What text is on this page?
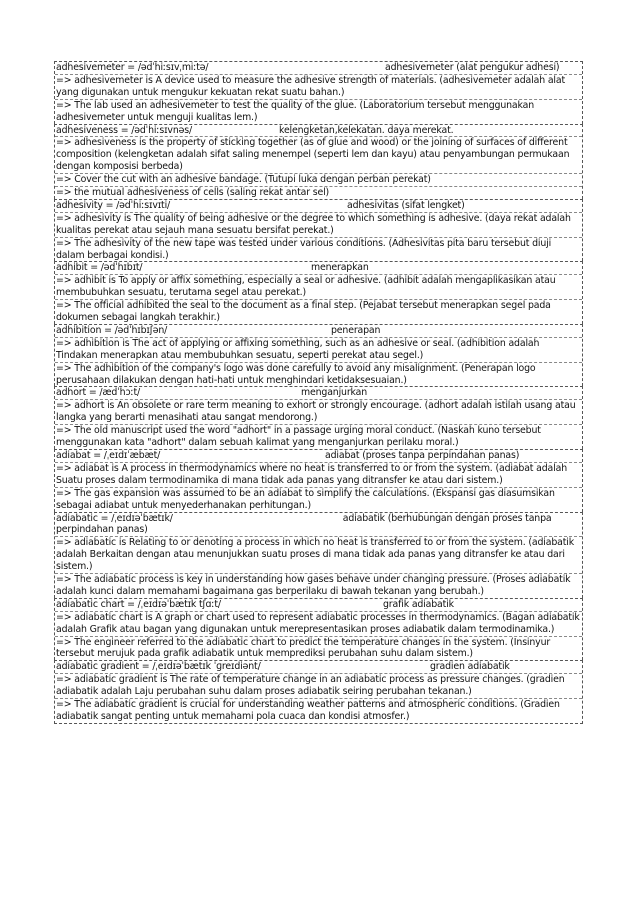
adhesivemeter = /ədˈhiːsɪvˌmiːtə/	adhesivemeter (alat pengukur adhesi)
=> adhesivemeter is A device used to measure the adhesive strength of materials. (adhesivemeter adalah alat yang digunakan untuk mengukur kekuatan rekat suatu bahan.)
=> The lab used an adhesivemeter to test the quality of the glue. (Laboratorium tersebut menggunakan adhesivemeter untuk menguji kualitas lem.)
adhesiveness = /ədˈhiːsɪvnəs/	kelengketan,kelekatan. daya merekat.
=> adhesiveness is the property of sticking together (as of glue and wood) or the joining of surfaces of different composition (kelengketan adalah sifat saling menempel (seperti lem dan kayu) atau penyambungan permukaan dengan komposisi berbeda)
=> Cover the cut with an adhesive bandage. (Tutupi luka dengan perban perekat)
=> the mutual adhesiveness of cells (saling rekat antar sel)
adhesivity = /ədˈhiːsɪvɪti/	adhesivitas (sifat lengket)
=> adhesivity is The quality of being adhesive or the degree to which something is adhesive. (daya rekat adalah kualitas perekat atau sejauh mana sesuatu bersifat perekat.)
=> The adhesivity of the new tape was tested under various conditions. (Adhesivitas pita baru tersebut diuji dalam berbagai kondisi.)
adhibit = /ədˈhɪbɪt/	menerapkan
=> adhibit is To apply or affix something, especially a seal or adhesive. (adhibit adalah mengaplikasikan atau membubuhkan sesuatu, terutama segel atau perekat.)
=> The official adhibited the seal to the document as a final step. (Pejabat tersebut menerapkan segel pada dokumen sebagai langkah terakhir.)
adhibition = /ədˈhɪbɪʃən/	penerapan
=> adhibition is The act of applying or affixing something, such as an adhesive or seal. (adhibition adalah Tindakan menerapkan atau membubuhkan sesuatu, seperti perekat atau segel.)
=> The adhibition of the company's logo was done carefully to avoid any misalignment. (Penerapan logo perusahaan dilakukan dengan hati-hati untuk menghindari ketidaksesuaian.)
adhort = /ædˈhɔːt/	menganjurkan
=> adhort is An obsolete or rare term meaning to exhort or strongly encourage. (adhort adalah istilah usang atau langka yang berarti menasihati atau sangat mendorong.)
=> The old manuscript used the word "adhort" in a passage urging moral conduct. (Naskah kuno tersebut menggunakan kata "adhort" dalam sebuah kalimat yang menganjurkan perilaku moral.)
adiabat = /ˌeɪdɪˈæbæt/	adiabat (proses tanpa perpindahan panas)
=> adiabat is A process in thermodynamics where no heat is transferred to or from the system. (adiabat adalah Suatu proses dalam termodinamika di mana tidak ada panas yang ditransfer ke atau dari sistem.)
=> The gas expansion was assumed to be an adiabat to simplify the calculations. (Ekspansi gas diasumsikan sebagai adiabat untuk menyederhanakan perhitungan.)
adiabatic = /ˌeɪdɪəˈbætɪk/	adiabatik (berhubungan dengan proses tanpa perpindahan panas)
=> adiabatic is Relating to or denoting a process in which no heat is transferred to or from the system. (adiabatik adalah Berkaitan dengan atau menunjukkan suatu proses di mana tidak ada panas yang ditransfer ke atau dari sistem.)
=> The adiabatic process is key in understanding how gases behave under changing pressure. (Proses adiabatik adalah kunci dalam memahami bagaimana gas berperilaku di bawah tekanan yang berubah.)
adiabatic chart = /ˌeɪdɪəˈbætɪk tʃɑːt/	grafik adiabatik
=> adiabatic chart is A graph or chart used to represent adiabatic processes in thermodynamics. (Bagan adiabatik adalah Grafik atau bagan yang digunakan untuk merepresentasikan proses adiabatik dalam termodinamika.)
=> The engineer referred to the adiabatic chart to predict the temperature changes in the system. (Insinyur tersebut merujuk pada grafik adiabatik untuk memprediksi perubahan suhu dalam sistem.)
adiabatic gradient = /ˌeɪdɪəˈbætɪk ˈɡreɪdiənt/	gradien adiabatik
=> adiabatic gradient is The rate of temperature change in an adiabatic process as pressure changes. (gradien adiabatik adalah Laju perubahan suhu dalam proses adiabatik seiring perubahan tekanan.)
=> The adiabatic gradient is crucial for understanding weather patterns and atmospheric conditions. (Gradien adiabatik sangat penting untuk memahami pola cuaca dan kondisi atmosfer.)
